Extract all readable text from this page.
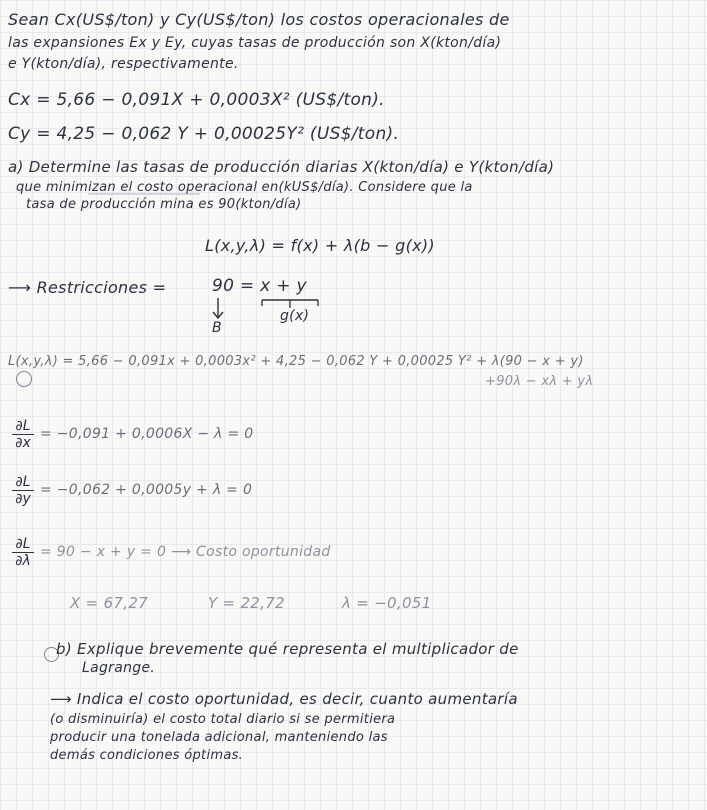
Sean Cx(US$/ton) y Cy(US$/ton) los costos operacionales de
las expansiones Ex y Ey, cuyas tasas de producción son X(kton/día)
e Y(kton/día), respectivamente.
Cx = 5,66 − 0,091X + 0,0003X² (US$/ton).
Cy = 4,25 − 0,062 Y + 0,00025Y² (US$/ton).
a) Determine las tasas de producción diarias X(kton/día) e Y(kton/día)
que minimizan el costo operacional en(kUS$/día). Considere que la
tasa de producción mina es 90(kton/día)
L(x,y,λ) = f(x) + λ(b − g(x))
⟶ Restricciones =	90 = x + y
B
g(x)
L(x,y,λ) = 5,66 − 0,091x + 0,0003x² + 4,25 − 0,062 Y + 0,00025 Y² + λ(90 − x + y)
+90λ − xλ + yλ
$\frac{\partial L}{\partial x} = -0,091 + 0,0006X - \lambda = 0$
$\frac{\partial L}{\partial y} = -0,062 + 0,0005y + \lambda = 0$
$\frac{\partial L}{\partial\lambda} = 90 - x + y = 0$ ⟶ Costo oportunidad
X = 67,27	Y = 22,72	λ = −0,051
b) Explique brevemente qué representa el multiplicador de
Lagrange.
⟶ Indica el costo oportunidad, es decir, cuanto aumentaría
(o disminuiría) el costo total diario si se permitiera
producir una tonelada adicional, manteniendo las
demás condiciones óptimas.
